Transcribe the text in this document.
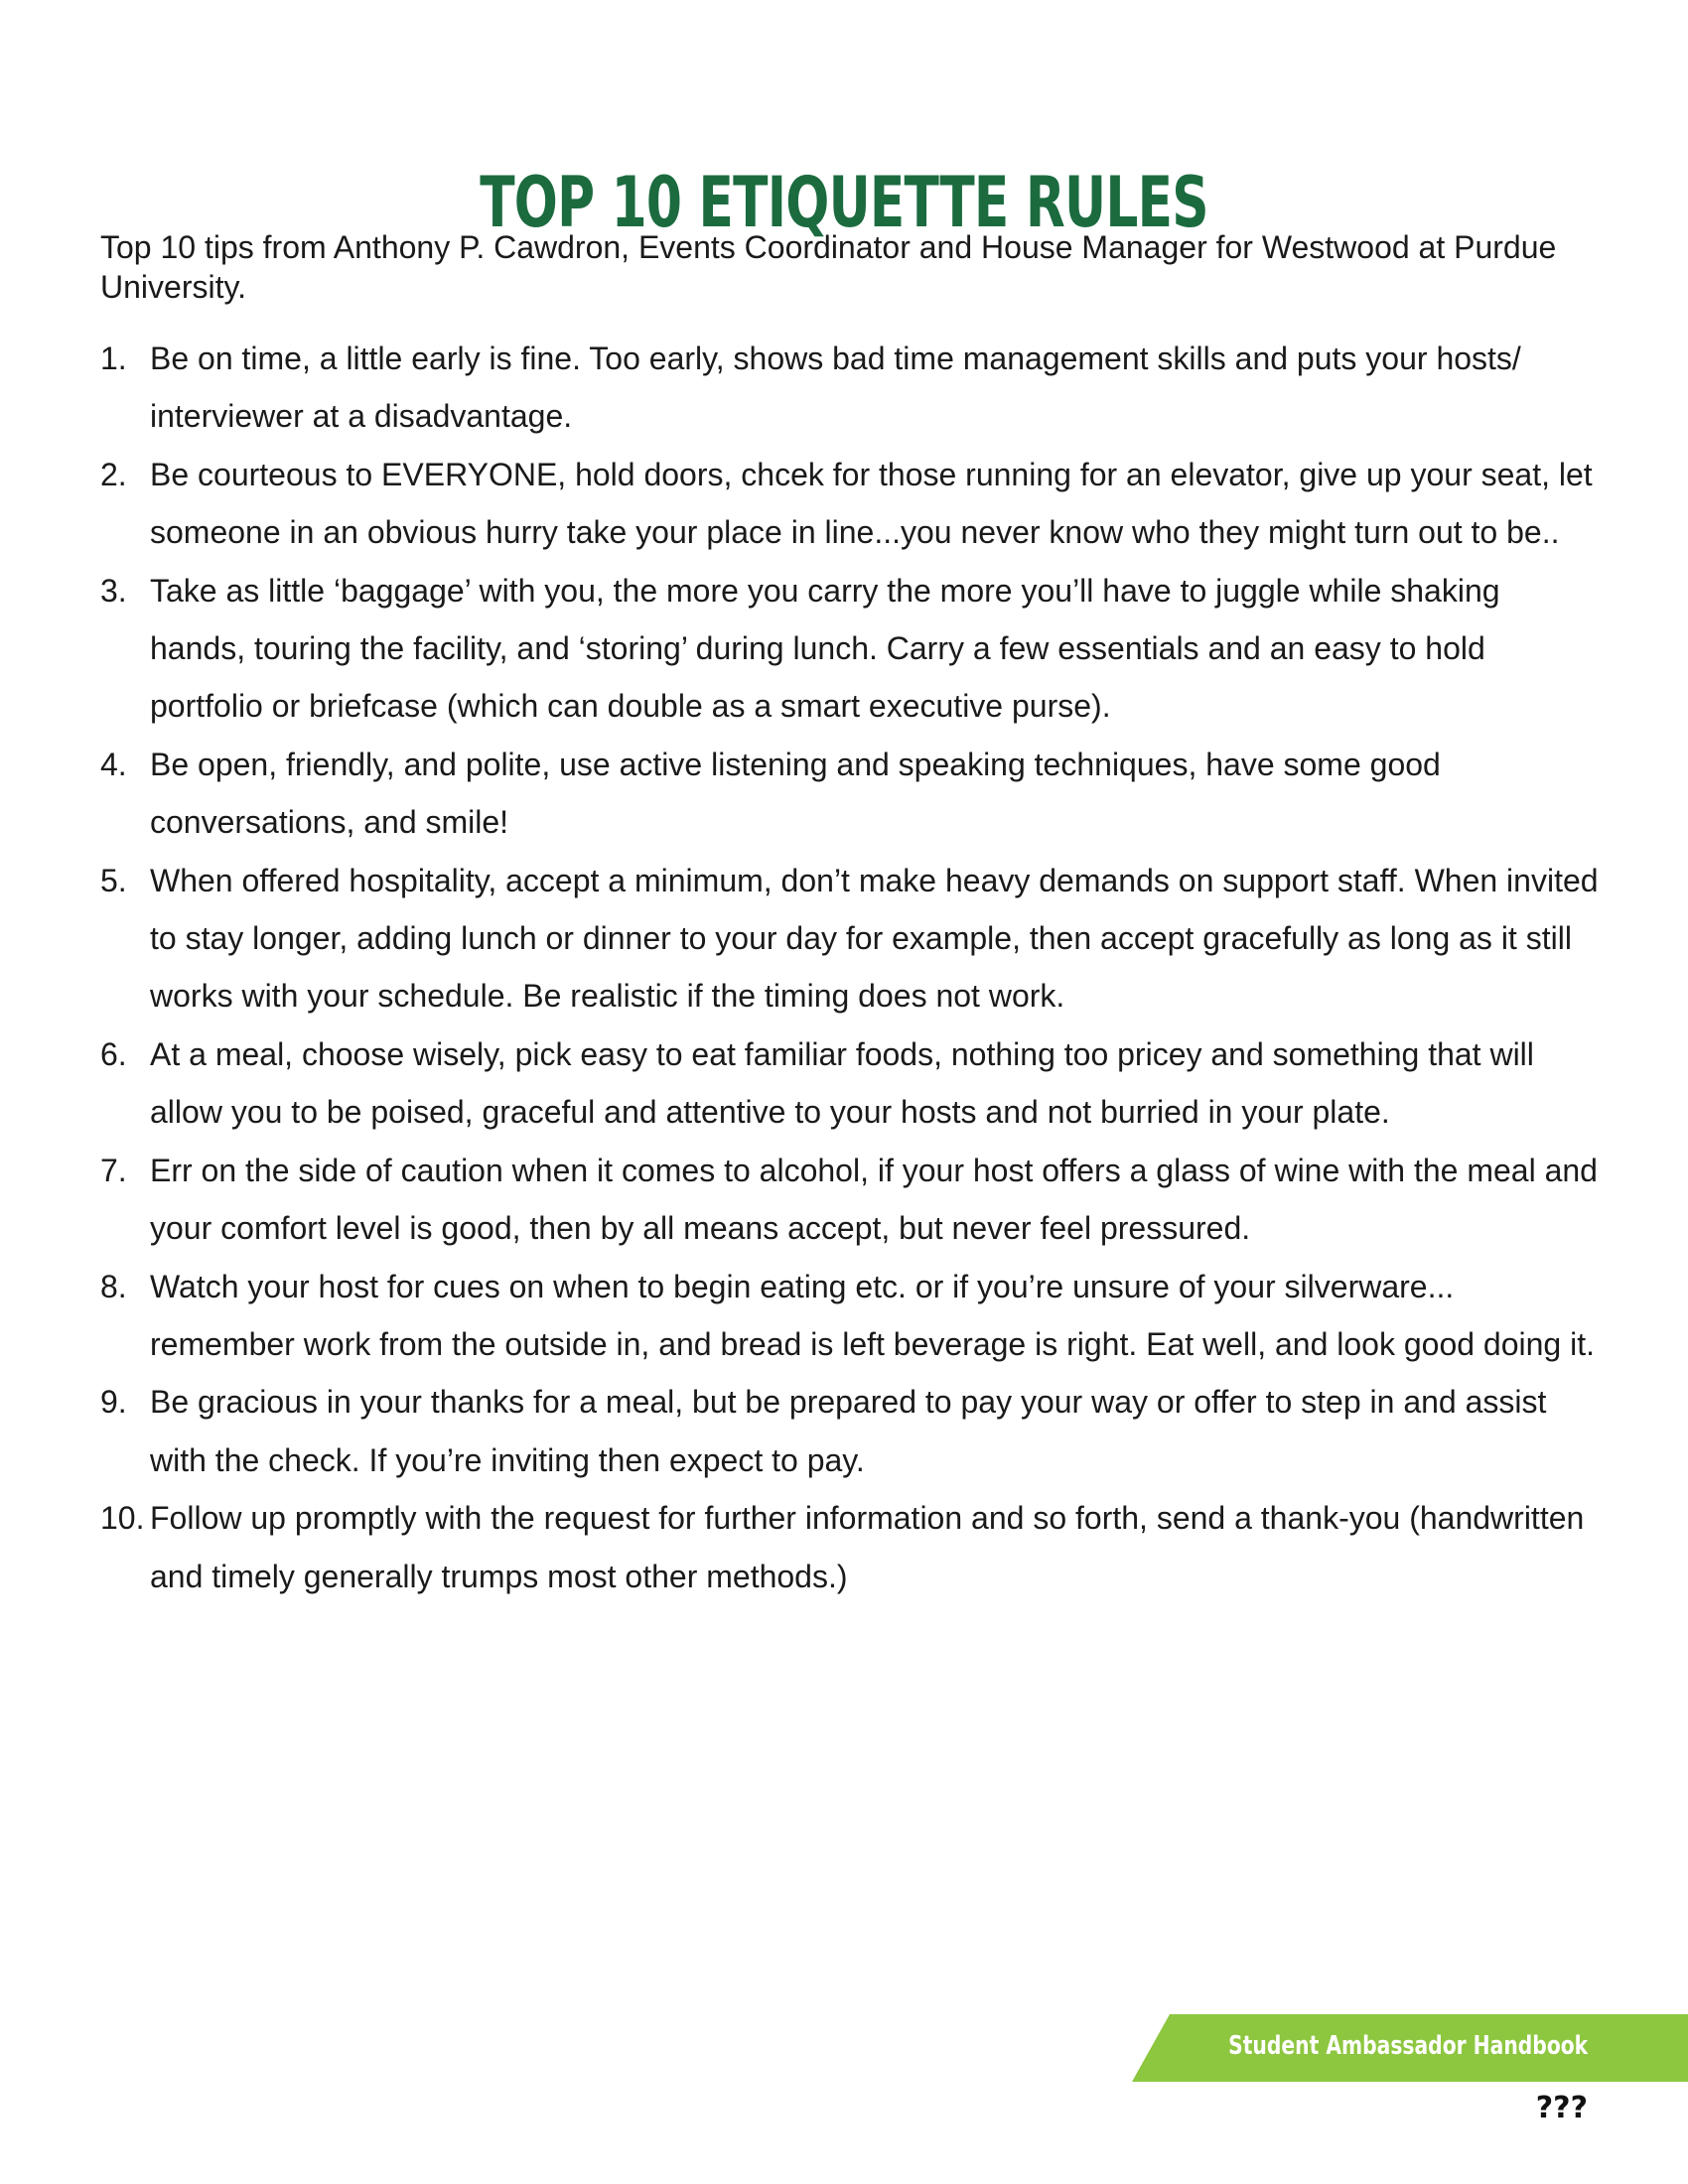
TOP 10 ETIQUETTE RULES

Top 10 tips from Anthony P. Cawdron, Events Coordinator and House Manager for Westwood at Purdue University.

1. Be on time, a little early is fine. Too early, shows bad time management skills and puts your hosts/ interviewer at a disadvantage.
2. Be courteous to EVERYONE, hold doors, chcek for those running for an elevator, give up your seat, let someone in an obvious hurry take your place in line...you never know who they might turn out to be..
3. Take as little ‘baggage’ with you, the more you carry the more you’ll have to juggle while shaking hands, touring the facility, and ‘storing’ during lunch. Carry a few essentials and an easy to hold portfolio or briefcase (which can double as a smart executive purse).
4. Be open, friendly, and polite, use active listening and speaking techniques, have some good conversations, and smile!
5. When offered hospitality, accept a minimum, don’t make heavy demands on support staff. When invited to stay longer, adding lunch or dinner to your day for example, then accept gracefully as long as it still works with your schedule. Be realistic if the timing does not work.
6. At a meal, choose wisely, pick easy to eat familiar foods, nothing too pricey and something that will allow you to be poised, graceful and attentive to your hosts and not burried in your plate.
7. Err on the side of caution when it comes to alcohol, if your host offers a glass of wine with the meal and your comfort level is good, then by all means accept, but never feel pressured.
8. Watch your host for cues on when to begin eating etc. or if you’re unsure of your silverware... remember work from the outside in, and bread is left beverage is right. Eat well, and look good doing it.
9. Be gracious in your thanks for a meal, but be prepared to pay your way or offer to step in and assist with the check. If you’re inviting then expect to pay.
10. Follow up promptly with the request for further information and so forth, send a thank-you (handwritten and timely generally trumps most other methods.)
Student Ambassador Handbook
???
